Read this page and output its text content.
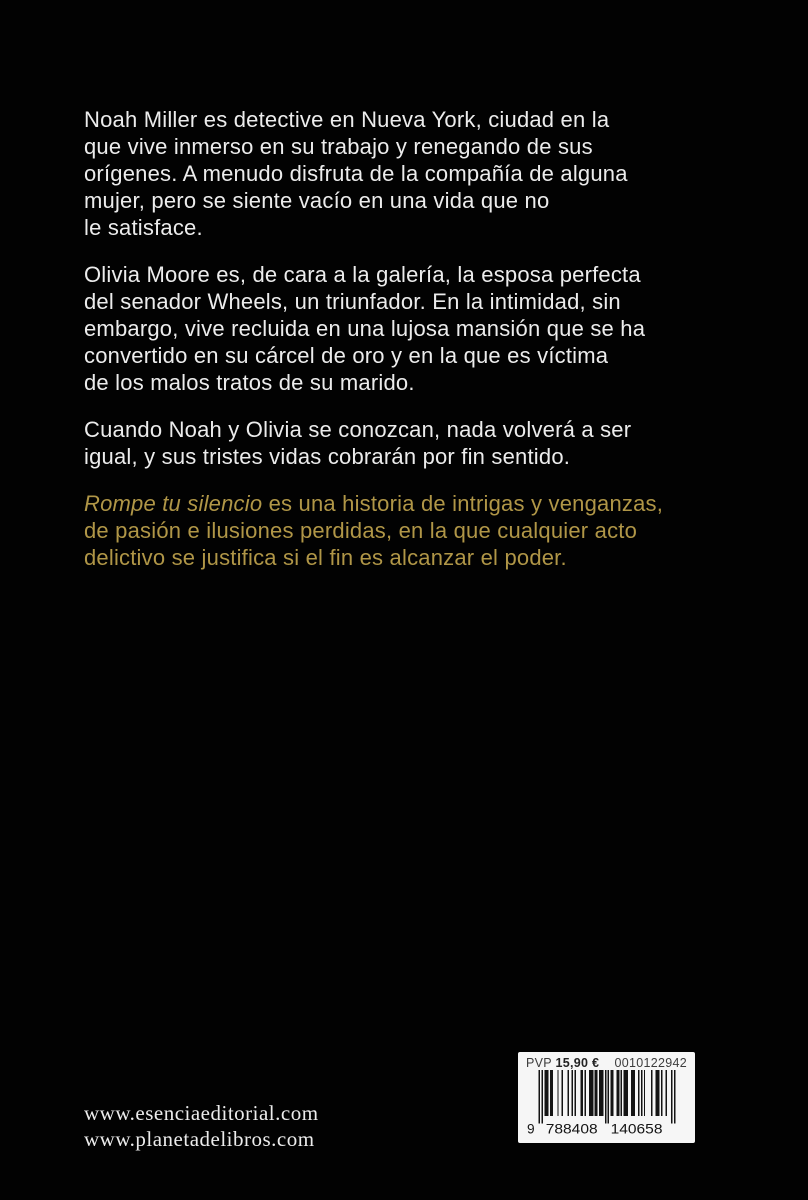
Noah Miller es detective en Nueva York, ciudad en la
que vive inmerso en su trabajo y renegando de sus
orígenes. A menudo disfruta de la compañía de alguna
mujer, pero se siente vacío en una vida que no
le satisface.

Olivia Moore es, de cara a la galería, la esposa perfecta
del senador Wheels, un triunfador. En la intimidad, sin
embargo, vive recluida en una lujosa mansión que se ha
convertido en su cárcel de oro y en la que es víctima
de los malos tratos de su marido.

Cuando Noah y Olivia se conozcan, nada volverá a ser
igual, y sus tristes vidas cobrarán por fin sentido.

Rompe tu silencio es una historia de intrigas y venganzas,
de pasión e ilusiones perdidas, en la que cualquier acto
delictivo se justifica si el fin es alcanzar el poder.

www.esenciaeditorial.com
www.planetadelibros.com
PVP 15,90 € 0010122942
9 788408 140658
